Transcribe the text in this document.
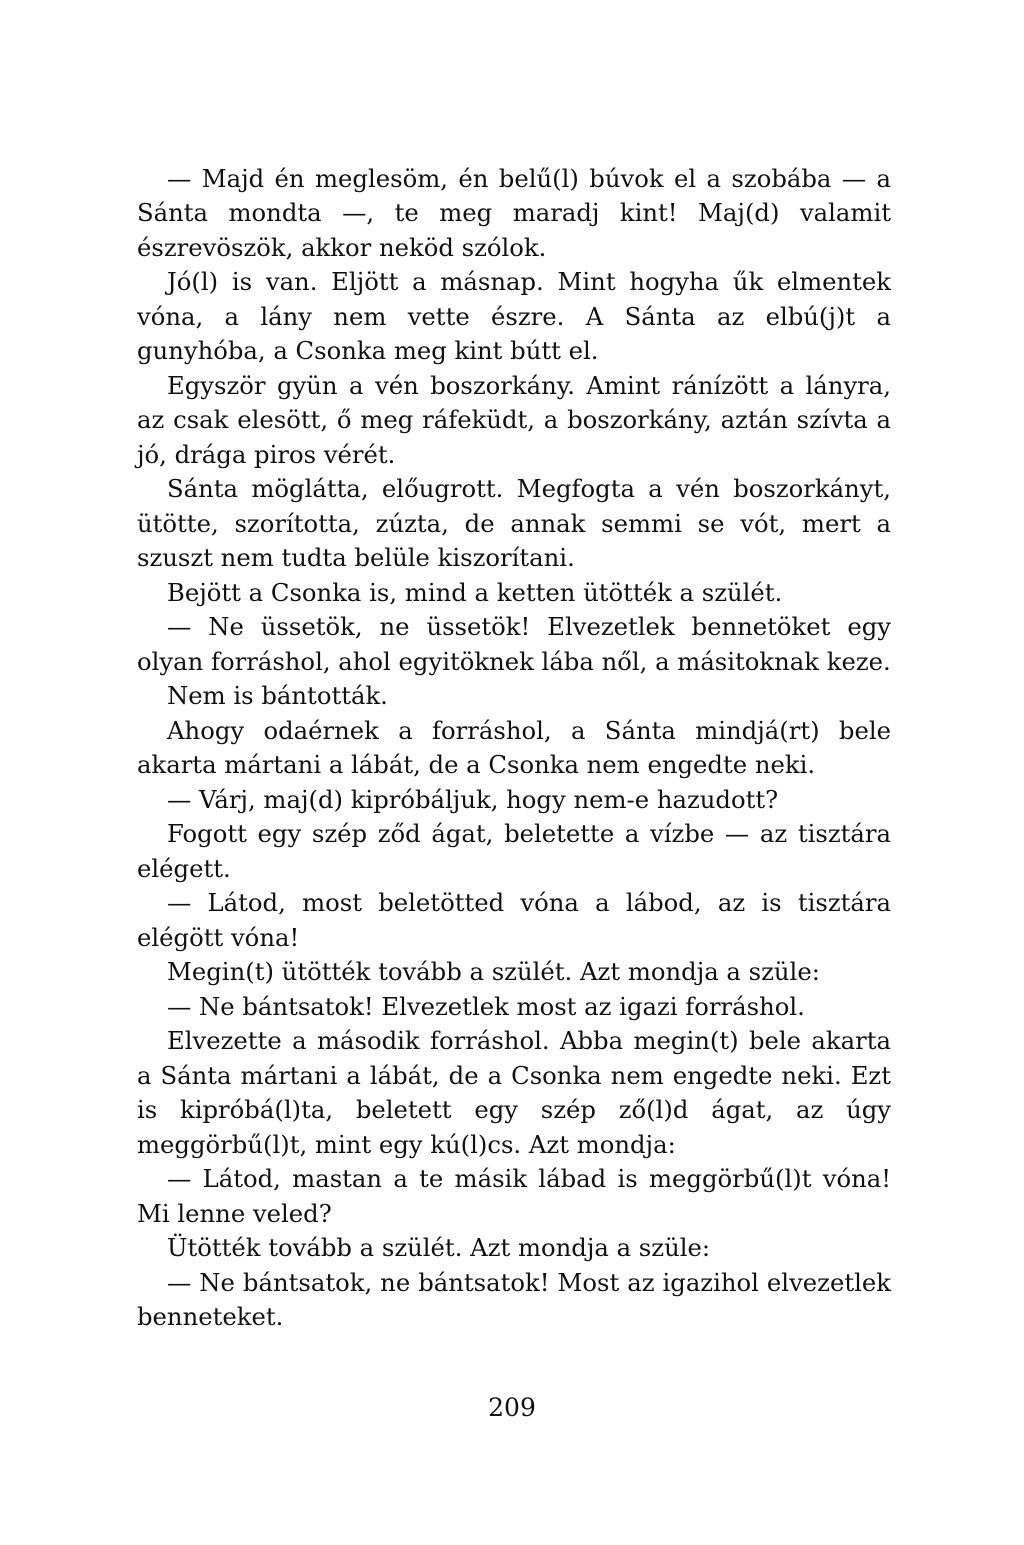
— Majd én meglesöm, én belű(l) búvok el a szobába — a Sánta mondta —, te meg maradj kint! Maj(d) valamit észrevöszök, akkor neköd szólok.

Jó(l) is van. Eljött a másnap. Mint hogyha űk elmentek vóna, a lány nem vette észre. A Sánta az elbú(j)t a gunyhóba, a Csonka meg kint bútt el.

Egyször gyün a vén boszorkány. Amint ránízött a lányra, az csak elesött, ő meg ráfeküdt, a boszorkány, aztán szívta a jó, drága piros vérét.

Sánta möglátta, előugrott. Megfogta a vén boszorkányt, ütötte, szorította, zúzta, de annak semmi se vót, mert a szuszt nem tudta belüle kiszorítani.

Bejött a Csonka is, mind a ketten ütötték a szülét.

— Ne üssetök, ne üssetök! Elvezetlek bennetöket egy olyan forráshol, ahol egyitöknek lába nől, a másitoknak keze.

Nem is bántották.

Ahogy odaérnek a forráshol, a Sánta mindjá(rt) bele akarta mártani a lábát, de a Csonka nem engedte neki.

— Várj, maj(d) kipróbáljuk, hogy nem-e hazudott?

Fogott egy szép ződ ágat, beletette a vízbe — az tisztára elégett.

— Látod, most beletötted vóna a lábod, az is tisztára elégött vóna!

Megin(t) ütötték tovább a szülét. Azt mondja a szüle:

— Ne bántsatok! Elvezetlek most az igazi forráshol.

Elvezette a második forráshol. Abba megin(t) bele akarta a Sánta mártani a lábát, de a Csonka nem engedte neki. Ezt is kipróbá(l)ta, beletett egy szép ző(l)d ágat, az úgy meggörbű(l)t, mint egy kú(l)cs. Azt mondja:

— Látod, mastan a te másik lábad is meggörbű(l)t vóna! Mi lenne veled?

Ütötték tovább a szülét. Azt mondja a szüle:

— Ne bántsatok, ne bántsatok! Most az igazihol elvezetlek benneteket.

209
